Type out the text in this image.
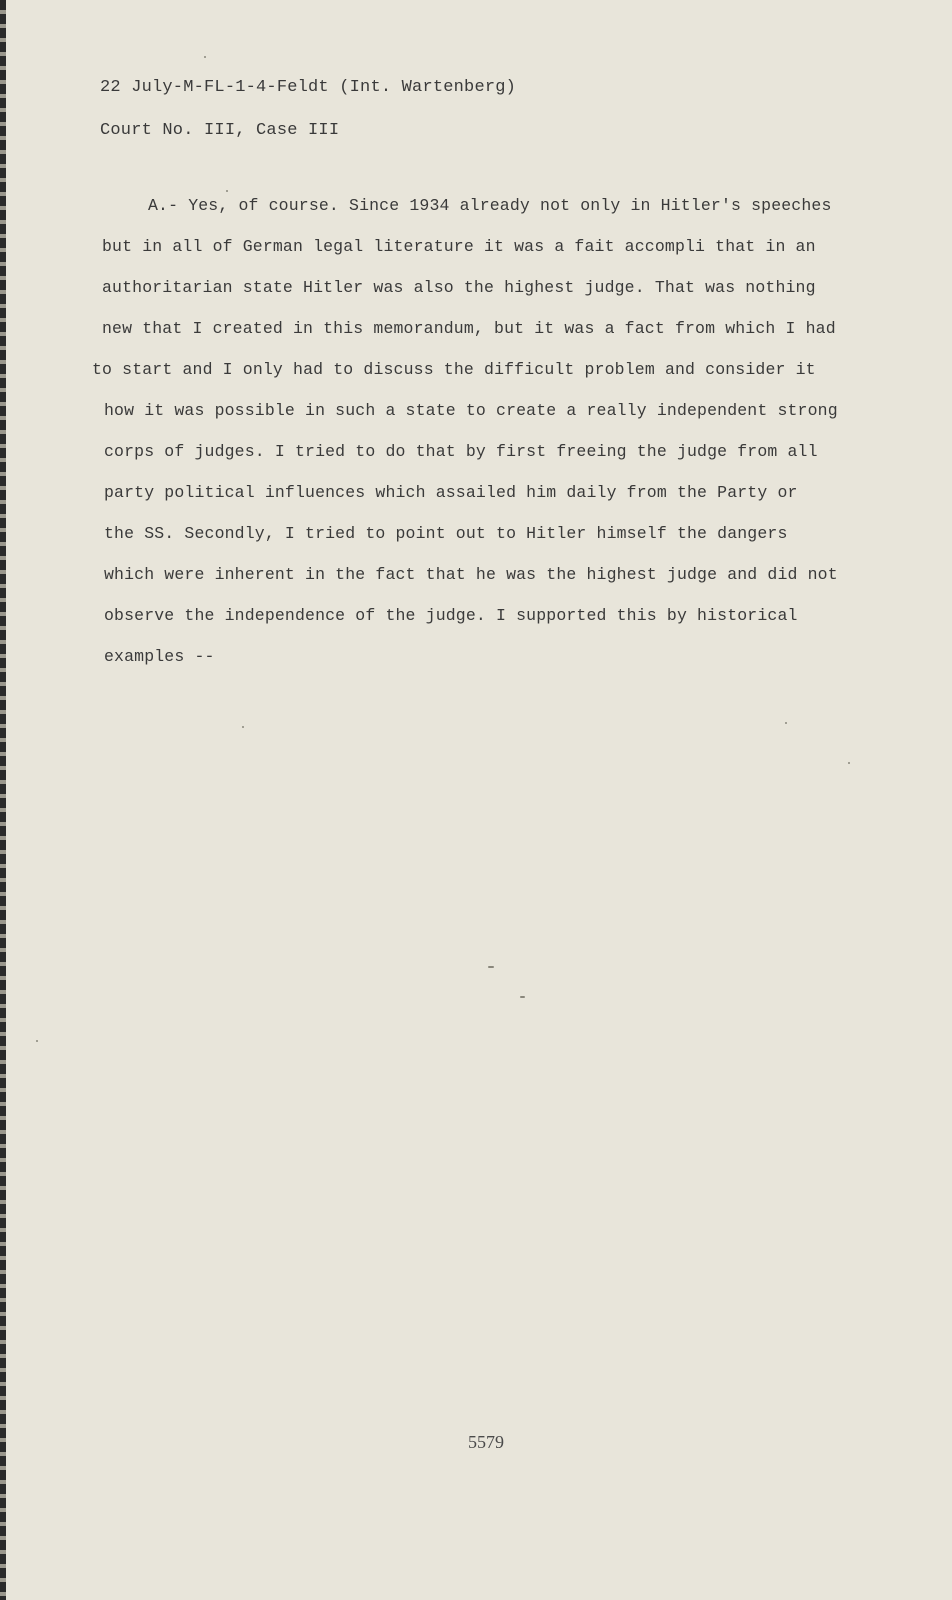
22 July-M-FL-1-4-Feldt (Int. Wartenberg)
Court No. III, Case III
A.- Yes, of course. Since 1934 already not only in Hitler's speeches
but in all of German legal literature it was a fait accompli that in an
authoritarian state Hitler was also the highest judge. That was nothing
new that I created in this memorandum, but it was a fact from which I had
to start and I only had to discuss the difficult problem and consider it
how it was possible in such a state to create a really independent strong
corps of judges. I tried to do that by first freeing the judge from all
party political influences which assailed him daily from the Party or
the SS. Secondly, I tried to point out to Hitler himself the dangers
which were inherent in the fact that he was the highest judge and did not
observe the independence of the judge. I supported this by historical
examples --
5579
